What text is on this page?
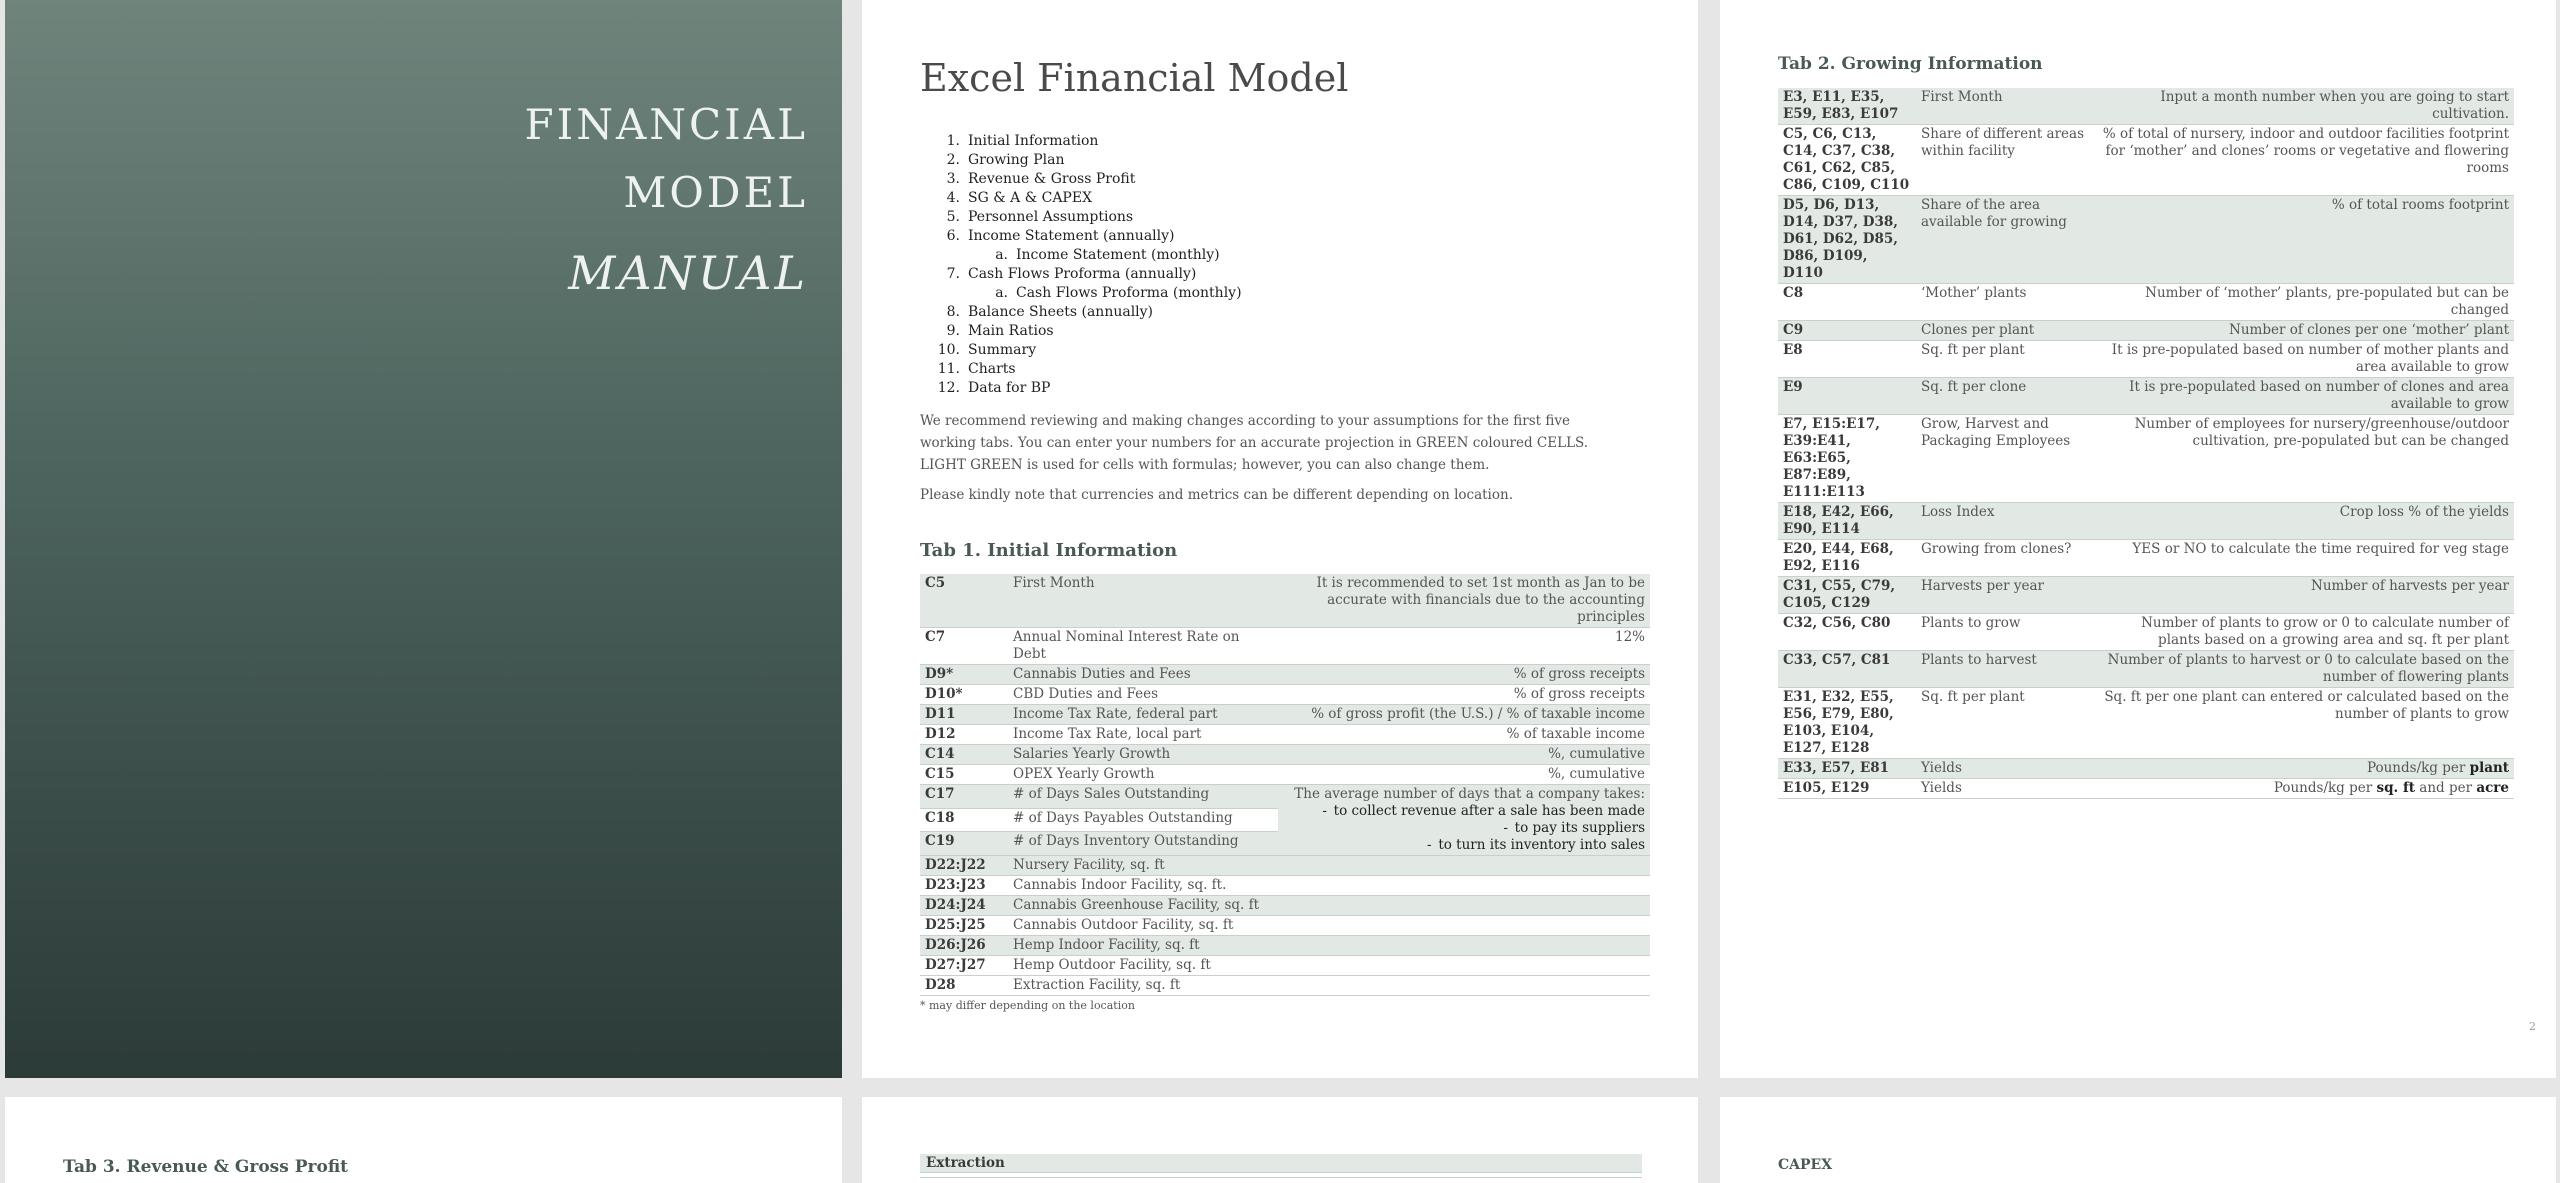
FINANCIAL
MODEL
MANUAL
Excel Financial Model
1. Initial Information
2. Growing Plan
3. Revenue & Gross Profit
4. SG & A & CAPEX
5. Personnel Assumptions
6. Income Statement (annually)
a. Income Statement (monthly)
7. Cash Flows Proforma (annually)
a. Cash Flows Proforma (monthly)
8. Balance Sheets (annually)
9. Main Ratios
10. Summary
11. Charts
12. Data for BP
We recommend reviewing and making changes according to your assumptions for the first five working tabs. You can enter your numbers for an accurate projection in GREEN coloured CELLS. LIGHT GREEN is used for cells with formulas; however, you can also change them.
Please kindly note that currencies and metrics can be different depending on location.
Tab 1. Initial Information
C5	First Month	It is recommended to set 1st month as Jan to be accurate with financials due to the accounting principles
C7	Annual Nominal Interest Rate on Debt	12%
D9*	Cannabis Duties and Fees	% of gross receipts
D10*	CBD Duties and Fees	% of gross receipts
D11	Income Tax Rate, federal part	% of gross profit (the U.S.) / % of taxable income
D12	Income Tax Rate, local part	% of taxable income
C14	Salaries Yearly Growth	%, cumulative
C15	OPEX Yearly Growth	%, cumulative
C17	# of Days Sales Outstanding	The average number of days that a company takes:
- to collect revenue after a sale has been made
- to pay its suppliers
- to turn its inventory into sales

C18	# of Days Payables Outstanding	
C19	# of Days Inventory Outstanding	
D22:J22	Nursery Facility, sq. ft	
D23:J23	Cannabis Indoor Facility, sq. ft.	
D24:J24	Cannabis Greenhouse Facility, sq. ft	
D25:J25	Cannabis Outdoor Facility, sq. ft	
D26:J26	Hemp Indoor Facility, sq. ft	
D27:J27	Hemp Outdoor Facility, sq. ft	
D28	Extraction Facility, sq. ft	
* may differ depending on the location
Tab 2. Growing Information
E3, E11, E35, E59, E83, E107	First Month	Input a month number when you are going to start cultivation.
C5, C6, C13, C14, C37, C38, C61, C62, C85, C86, C109, C110	Share of different areas within facility	% of total of nursery, indoor and outdoor facilities footprint for ‘mother’ and clones’ rooms or vegetative and flowering rooms
D5, D6, D13, D14, D37, D38, D61, D62, D85, D86, D109, D110	Share of the area available for growing	% of total rooms footprint
C8	‘Mother’ plants	Number of ‘mother’ plants, pre-populated but can be changed
C9	Clones per plant	Number of clones per one ‘mother’ plant
E8	Sq. ft per plant	It is pre-populated based on number of mother plants and area available to grow
E9	Sq. ft per clone	It is pre-populated based on number of clones and area available to grow
E7, E15:E17, E39:E41, E63:E65, E87:E89, E111:E113	Grow, Harvest and Packaging Employees	Number of employees for nursery/greenhouse/outdoor cultivation, pre-populated but can be changed
E18, E42, E66, E90, E114	Loss Index	Crop loss % of the yields
E20, E44, E68, E92, E116	Growing from clones?	YES or NO to calculate the time required for veg stage
C31, C55, C79, C105, C129	Harvests per year	Number of harvests per year
C32, C56, C80	Plants to grow	Number of plants to grow or 0 to calculate number of plants based on a growing area and sq. ft per plant
C33, C57, C81	Plants to harvest	Number of plants to harvest or 0 to calculate based on the number of flowering plants
E31, E32, E55, E56, E79, E80, E103, E104, E127, E128	Sq. ft per plant	Sq. ft per one plant can entered or calculated based on the number of plants to grow
E33, E57, E81	Yields	Pounds/kg per plant
E105, E129	Yields	Pounds/kg per sq. ft and per acre
2
Tab 3. Revenue & Gross Profit	Extraction	CAPEX
